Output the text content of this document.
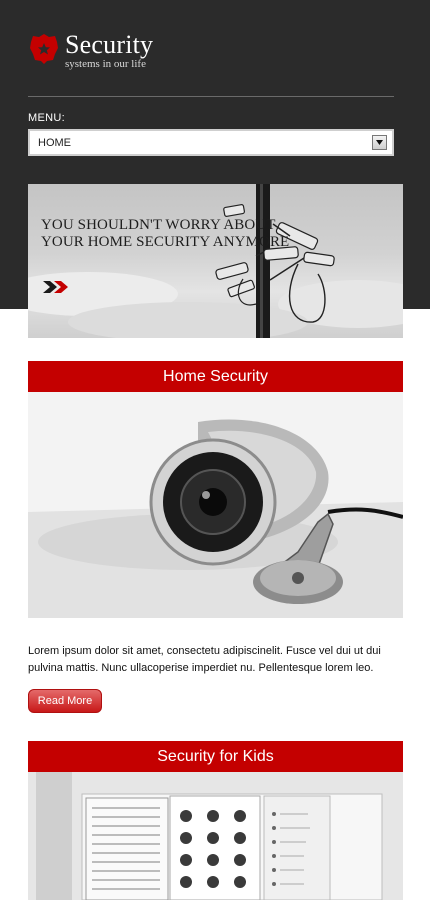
Security
systems in our life
MENU:
HOME
YOU SHOULDN'T WORRY ABOUT YOUR HOME SECURITY ANYMORE
Home Security
Lorem ipsum dolor sit amet, consectetu adipiscinelit. Fusce vel dui ut dui pulvina mattis. Nunc ullacoperise imperdiet nu. Pellentesque lorem leo.
Read More
Security for Kids
